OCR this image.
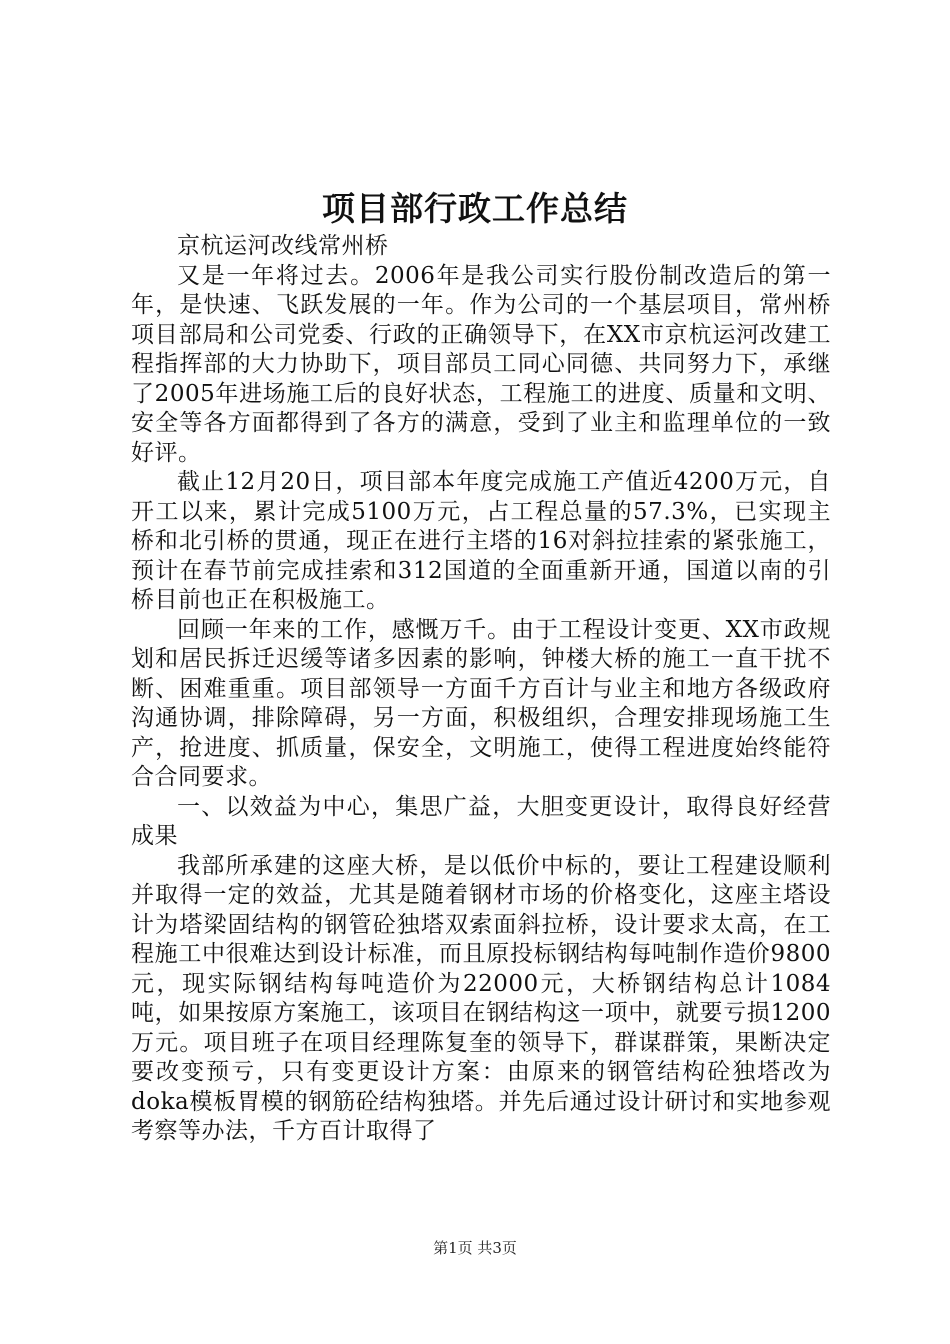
项目部行政工作总结

京杭运河改线常州桥

又是一年将过去。2006年是我公司实行股份制改造后的第一年，是快速、飞跃发展的一年。作为公司的一个基层项目，常州桥项目部局和公司党委、行政的正确领导下，在XX市京杭运河改建工程指挥部的大力协助下，项目部员工同心同德、共同努力下，承继了2005年进场施工后的良好状态，工程施工的进度、质量和文明、安全等各方面都得到了各方的满意，受到了业主和监理单位的一致好评。

截止12月20日，项目部本年度完成施工产值近4200万元，自开工以来，累计完成5100万元，占工程总量的57.3%，已实现主桥和北引桥的贯通，现正在进行主塔的16对斜拉挂索的紧张施工，预计在春节前完成挂索和312国道的全面重新开通，国道以南的引桥目前也正在积极施工。

回顾一年来的工作，感慨万千。由于工程设计变更、XX市政规划和居民拆迁迟缓等诸多因素的影响，钟楼大桥的施工一直干扰不断、困难重重。项目部领导一方面千方百计与业主和地方各级政府沟通协调，排除障碍，另一方面，积极组织，合理安排现场施工生产，抢进度、抓质量，保安全，文明施工，使得工程进度始终能符合合同要求。

一、以效益为中心，集思广益，大胆变更设计，取得良好经营成果

我部所承建的这座大桥，是以低价中标的，要让工程建设顺利并取得一定的效益，尤其是随着钢材市场的价格变化，这座主塔设计为塔梁固结构的钢管砼独塔双索面斜拉桥，设计要求太高，在工程施工中很难达到设计标准，而且原投标钢结构每吨制作造价9800元，现实际钢结构每吨造价为22000元，大桥钢结构总计1084吨，如果按原方案施工，该项目在钢结构这一项中，就要亏损1200万元。项目班子在项目经理陈复奎的领导下，群谋群策，果断决定要改变预亏，只有变更设计方案：由原来的钢管结构砼独塔改为doka模板胃模的钢筋砼结构独塔。并先后通过设计研讨和实地参观考察等办法，千方百计取得了

第1页 共3页
